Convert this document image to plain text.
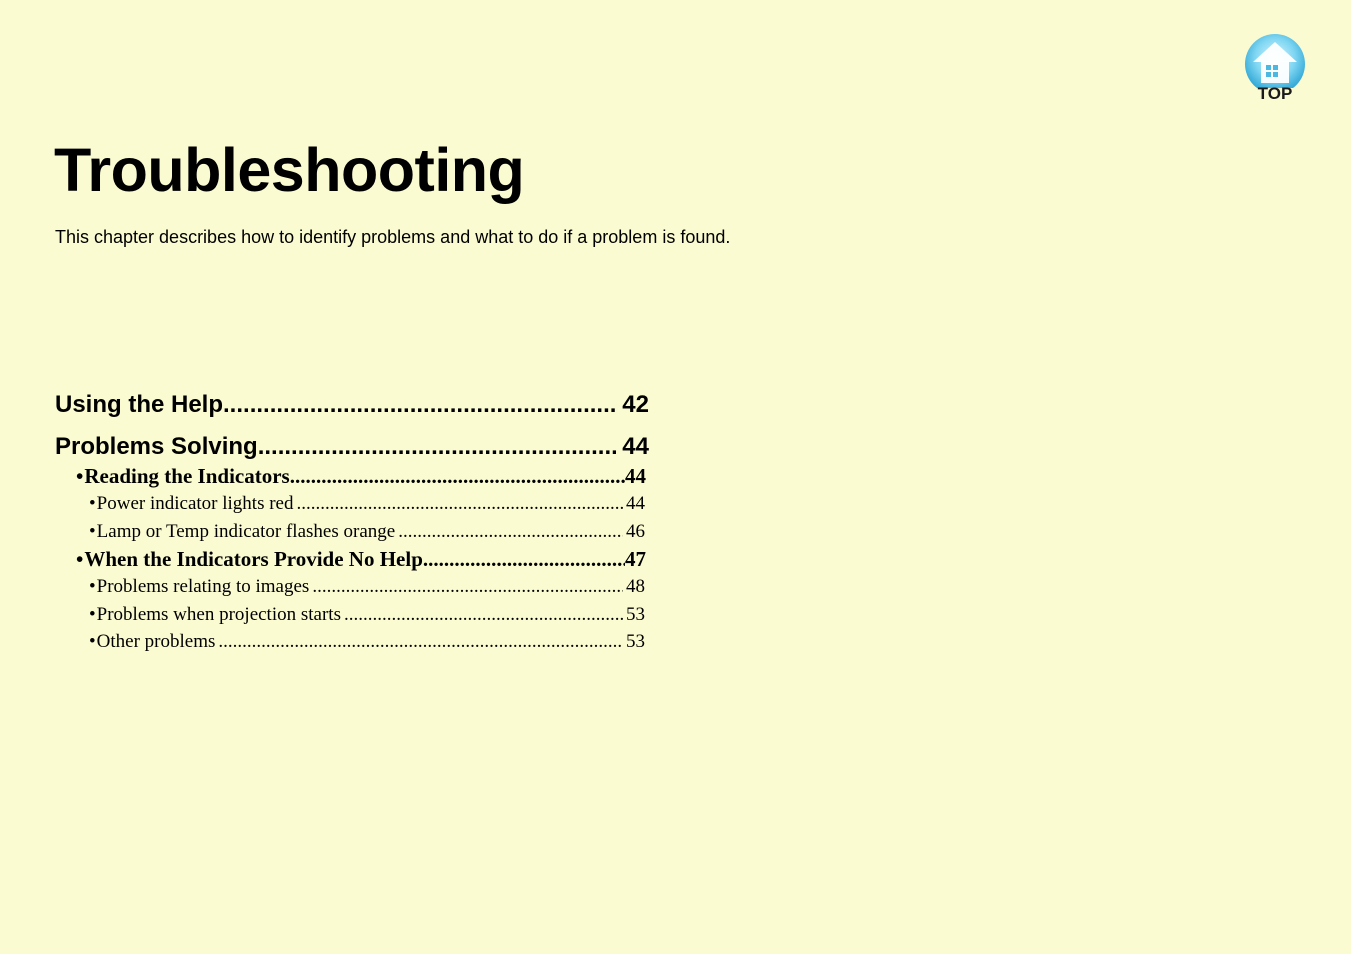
TOP
Troubleshooting

This chapter describes how to identify problems and what to do if a problem is found.

Using the Help .....	42
Problems Solving .....	44
• Reading the Indicators .....	44
• Power indicator lights red .....	44
• Lamp or Temp indicator flashes orange .....	46
• When the Indicators Provide No Help .....	47
• Problems relating to images .....	48
• Problems when projection starts .....	53
• Other problems .....	53
